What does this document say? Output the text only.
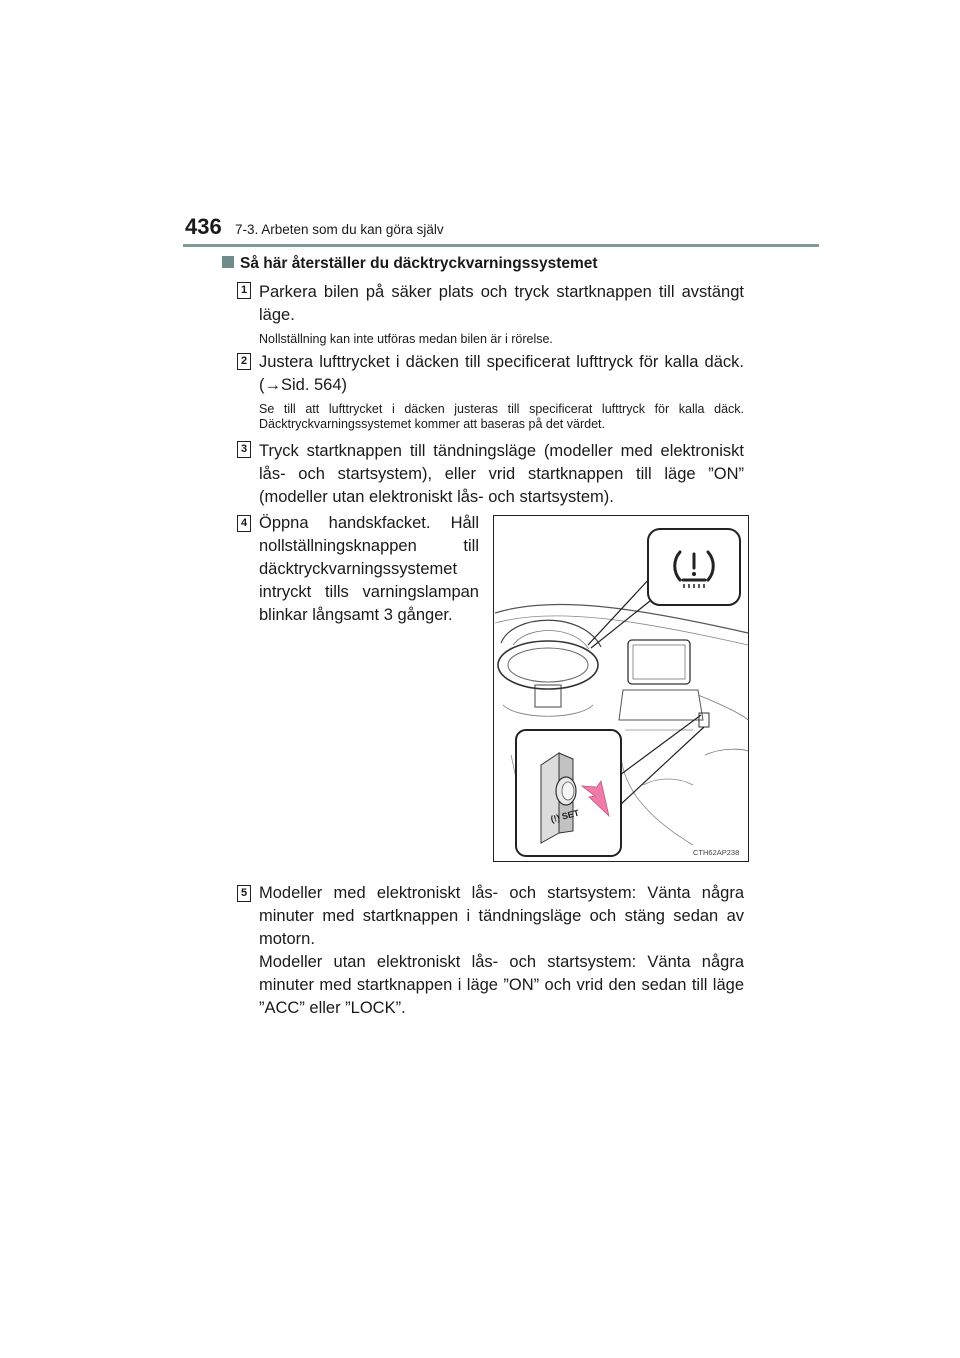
436 7-3. Arbeten som du kan göra själv
Så här återställer du däcktryckvarningssystemet
1 Parkera bilen på säker plats och tryck startknappen till avstängt läge.
Nollställning kan inte utföras medan bilen är i rörelse.
2 Justera lufttrycket i däcken till specificerat lufttryck för kalla däck. (→Sid. 564)
Se till att lufttrycket i däcken justeras till specificerat lufttryck för kalla däck. Däcktryckvarningssystemet kommer att baseras på det värdet.
3 Tryck startknappen till tändningsläge (modeller med elektroniskt lås- och startsystem), eller vrid startknappen till läge ”ON” (modeller utan elektroniskt lås- och startsystem).
4 Öppna handskfacket. Håll nollställningsknappen till däcktryckvarningssystemet intryckt tills varningslampan blinkar långsamt 3 gånger.
(!) SET
CTH62AP238
5 Modeller med elektroniskt lås- och startsystem: Vänta några minuter med startknappen i tändningsläge och stäng sedan av motorn.
Modeller utan elektroniskt lås- och startsystem: Vänta några minuter med startknappen i läge ”ON” och vrid den sedan till läge ”ACC” eller ”LOCK”.
